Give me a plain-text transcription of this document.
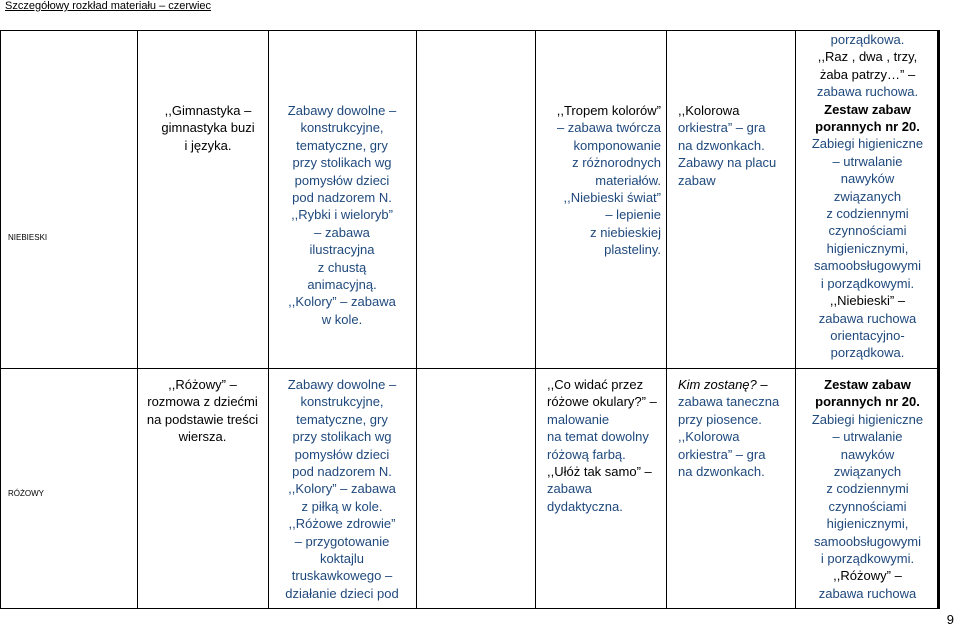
Szczegółowy rozkład materiału – czerwiec
niebieski
,,Gimnastyka –
gimnastyka buzi
i języka.
Zabawy dowolne –
konstrukcyjne,
tematyczne, gry
przy stolikach wg
pomysłów dzieci
pod nadzorem N.
,,Rybki i wieloryb”
– zabawa
ilustracyjna
z chustą
animacyjną.
,,Kolory” – zabawa
w kole.
,,Tropem kolorów”
– zabawa twórcza
komponowanie
z różnorodnych
materiałów.
,,Niebieski świat”
– lepienie
z niebieskiej
plasteliny.
,,Kolorowa
orkiestra” – gra
na dzwonkach.
Zabawy na placu
zabaw
porządkowa.
,,Raz , dwa , trzy,
żaba patrzy…” –
zabawa ruchowa.
Zestaw zabaw
porannych nr 20.
Zabiegi higieniczne
– utrwalanie
nawyków
związanych
z codziennymi
czynnościami
higienicznymi,
samoobsługowymi
i porządkowymi.
,,Niebieski” –
zabawa ruchowa
orientacyjno-
porządkowa.
różowy
,,Różowy” –
rozmowa z dziećmi
na podstawie treści
wiersza.
Zabawy dowolne –
konstrukcyjne,
tematyczne, gry
przy stolikach wg
pomysłów dzieci
pod nadzorem N.
,,Kolory” – zabawa
z piłką w kole.
,,Różowe zdrowie”
– przygotowanie
koktajlu
truskawkowego –
działanie dzieci pod
,,Co widać przez
różowe okulary?” –
malowanie
na temat dowolny
różową farbą.
,,Ułóż tak samo” –
zabawa
dydaktyczna.
Kim zostanę? –
zabawa taneczna
przy piosence.
,,Kolorowa
orkiestra” – gra
na dzwonkach.
Zestaw zabaw
porannych nr 20.
Zabiegi higieniczne
– utrwalanie
nawyków
związanych
z codziennymi
czynnościami
higienicznymi,
samoobsługowymi
i porządkowymi.
,,Różowy” –
zabawa ruchowa
9
